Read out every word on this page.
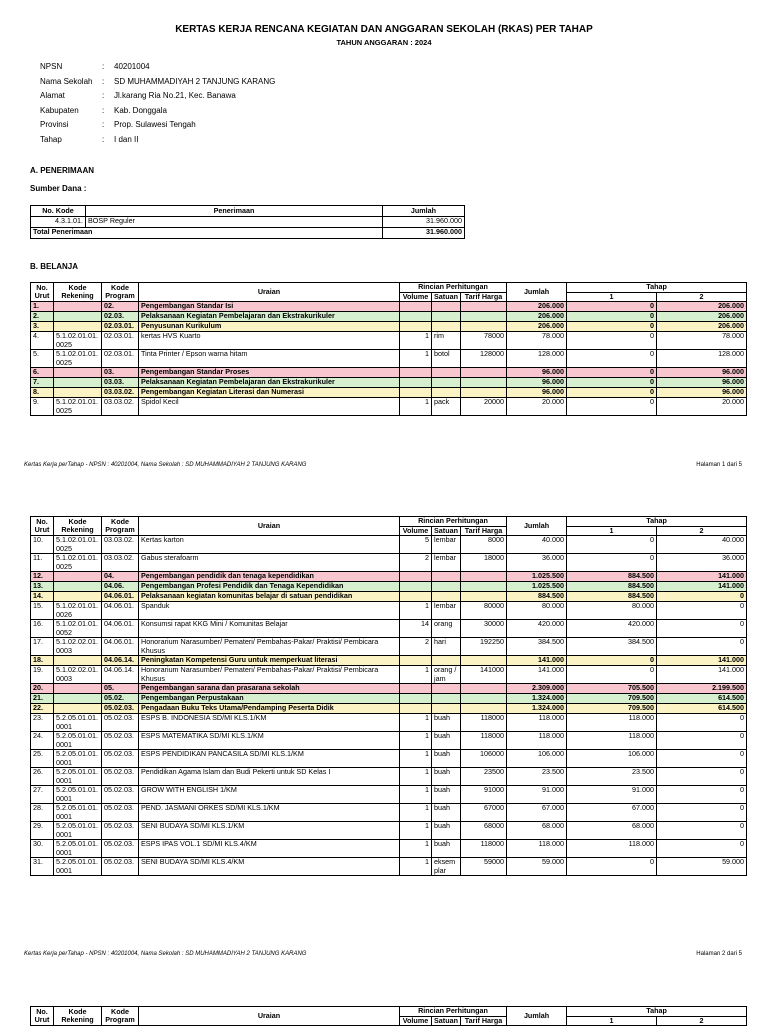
KERTAS KERJA RENCANA KEGIATAN DAN ANGGARAN SEKOLAH (RKAS) PER TAHAP
TAHUN ANGGARAN : 2024
NPSN	:	40201004
Nama Sekolah	:	SD MUHAMMADIYAH 2 TANJUNG KARANG
Alamat	:	Jl.karang Ria No.21, Kec. Banawa
Kabupaten	:	Kab. Donggala
Provinsi	:	Prop. Sulawesi Tengah
Tahap	:	I dan II
A. PENERIMAAN
Sumber Dana :
No. Kode	Penerimaan	Jumlah
4.3.1.01.	BOSP Reguler	31.960.000
Total Penerimaan		31.960.000
B. BELANJA
No. Urut	Kode Rekening	Kode Program	Uraian	Rincian Perhitungan			Jumlah	Tahap	
				Volume	Satuan	Tarif Harga		1	2
1.		02.	Pengembangan Standar Isi				206.000	0	206.000
2.		02.03.	Pelaksanaan Kegiatan Pembelajaran dan Ekstrakurikuler				206.000	0	206.000
3.		02.03.01.	Penyusunan Kurikulum				206.000	0	206.000
4.	5.1.02.01.01.0025	02.03.01.	kertas HVS Kuarto	1	rim	78000	78.000	0	78.000
5.	5.1.02.01.01.0025	02.03.01.	Tinta Printer / Epson warna hitam	1	botol	128000	128.000	0	128.000
6.		03.	Pengembangan Standar Proses				96.000	0	96.000
7.		03.03.	Pelaksanaan Kegiatan Pembelajaran dan Ekstrakurikuler				96.000	0	96.000
8.		03.03.02.	Pengembangan Kegiatan Literasi dan Numerasi				96.000	0	96.000
9.	5.1.02.01.01.0025	03.03.02.	Spidol Kecil	1	pack	20000	20.000	0	20.000
Kertas Kerja perTahap - NPSN : 40201004, Nama Sekolah : SD MUHAMMADIYAH 2 TANJUNG KARANG	Halaman 1 dari 5
No. Urut	Kode Rekening	Kode Program	Uraian	Rincian Perhitungan			Jumlah	Tahap	
				Volume	Satuan	Tarif Harga		1	2
10.	5.1.02.01.01.0025	03.03.02.	Kertas karton	5	lembar	8000	40.000	0	40.000
11.	5.1.02.01.01.0025	03.03.02.	Gabus sterafoarm	2	lembar	18000	36.000	0	36.000
12.		04.	Pengembangan pendidik dan tenaga kependidikan				1.025.500	884.500	141.000
13.		04.06.	Pengembangan Profesi Pendidik dan Tenaga Kependidikan				1.025.500	884.500	141.000
14.		04.06.01.	Pelaksanaan kegiatan komunitas belajar di satuan pendidikan				884.500	884.500	0
15.	5.1.02.01.01.0026	04.06.01.	Spanduk	1	lembar	80000	80.000	80.000	0
16.	5.1.02.01.01.0052	04.06.01.	Konsumsi rapat KKG Mini / Komunitas Belajar	14	orang	30000	420.000	420.000	0
17.	5.1.02.02.01.0003	04.06.01.	Honorarium Narasumber/ Pemateri/ Pembahas-Pakar/ Praktisi/ Pembicara Khusus	2	hari	192250	384.500	384.500	0
18.		04.06.14.	Peningkatan Kompetensi Guru untuk memperkuat literasi				141.000	0	141.000
19.	5.1.02.02.01.0003	04.06.14.	Honorarium Narasumber/ Pemateri/ Pembahas-Pakar/ Praktisi/ Pembicara Khusus	1	orang / jam	141000	141.000	0	141.000
20.		05.	Pengembangan sarana dan prasarana sekolah				2.309.000	705.500	2.199.500
21.		05.02.	Pengembangan Perpustakaan				1.324.000	709.500	614.500
22.		05.02.03.	Pengadaan Buku Teks Utama/Pendamping Peserta Didik				1.324.000	709.500	614.500
23.	5.2.05.01.01.0001	05.02.03.	ESPS B. INDONESIA SD/MI KLS.1/KM	1	buah	118000	118.000	118.000	0
24.	5.2.05.01.01.0001	05.02.03.	ESPS MATEMATIKA SD/MI KLS.1/KM	1	buah	118000	118.000	118.000	0
25.	5.2.05.01.01.0001	05.02.03.	ESPS PENDIDIKAN PANCASILA SD/MI KLS.1/KM	1	buah	106000	106.000	106.000	0
26.	5.2.05.01.01.0001	05.02.03.	Pendidikan Agama Islam dan Budi Pekerti untuk SD Kelas I	1	buah	23500	23.500	23.500	0
27.	5.2.05.01.01.0001	05.02.03.	GROW WITH ENGLISH 1/KM	1	buah	91000	91.000	91.000	0
28.	5.2.05.01.01.0001	05.02.03.	PEND. JASMANI ORKES SD/MI KLS.1/KM	1	buah	67000	67.000	67.000	0
29.	5.2.05.01.01.0001	05.02.03.	SENI BUDAYA SD/MI KLS.1/KM	1	buah	68000	68.000	68.000	0
30.	5.2.05.01.01.0001	05.02.03.	ESPS IPAS VOL.1 SD/MI KLS.4/KM	1	buah	118000	118.000	118.000	0
31.	5.2.05.01.01.0001	05.02.03.	SENI BUDAYA SD/MI KLS.4/KM	1	eksemplar	59000	59.000	0	59.000
Kertas Kerja perTahap - NPSN : 40201004, Nama Sekolah : SD MUHAMMADIYAH 2 TANJUNG KARANG	Halaman 2 dari 5
No. Urut	Kode Rekening	Kode Program	Uraian	Rincian Perhitungan			Jumlah	Tahap	
				Volume	Satuan	Tarif Harga		1	2
